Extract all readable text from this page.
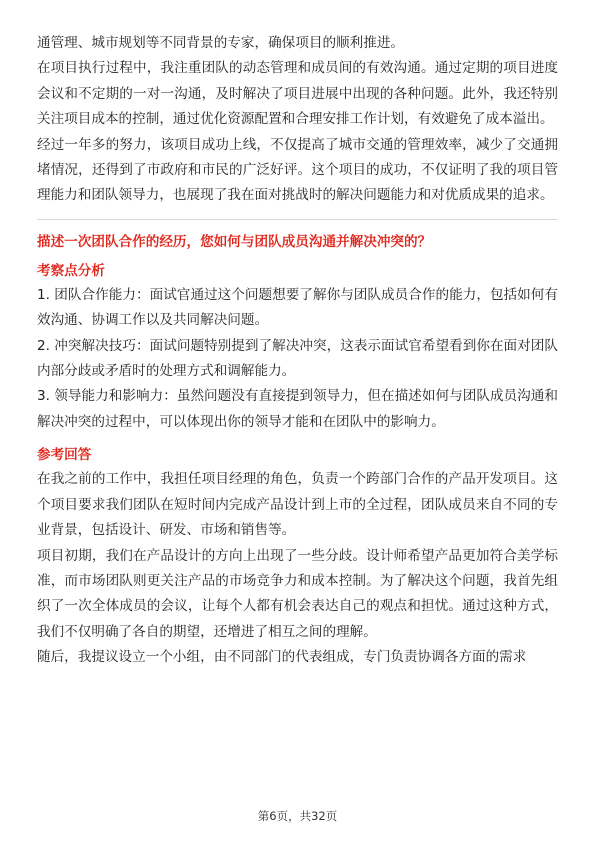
通管理、城市规划等不同背景的专家，确保项目的顺利推进。

在项目执行过程中，我注重团队的动态管理和成员间的有效沟通。通过定期的项目进度会议和不定期的一对一沟通，及时解决了项目进展中出现的各种问题。此外，我还特别关注项目成本的控制，通过优化资源配置和合理安排工作计划，有效避免了成本溢出。

经过一年多的努力，该项目成功上线，不仅提高了城市交通的管理效率，减少了交通拥堵情况，还得到了市政府和市民的广泛好评。这个项目的成功，不仅证明了我的项目管理能力和团队领导力，也展现了我在面对挑战时的解决问题能力和对优质成果的追求。

描述一次团队合作的经历，您如何与团队成员沟通并解决冲突的？
考察点分析

1. 团队合作能力：面试官通过这个问题想要了解你与团队成员合作的能力，包括如何有效沟通、协调工作以及共同解决问题。

2. 冲突解决技巧：面试问题特别提到了解决冲突，这表示面试官希望看到你在面对团队内部分歧或矛盾时的处理方式和调解能力。

3. 领导能力和影响力：虽然问题没有直接提到领导力，但在描述如何与团队成员沟通和解决冲突的过程中，可以体现出你的领导才能和在团队中的影响力。

参考回答

在我之前的工作中，我担任项目经理的角色，负责一个跨部门合作的产品开发项目。这个项目要求我们团队在短时间内完成产品设计到上市的全过程，团队成员来自不同的专业背景，包括设计、研发、市场和销售等。

项目初期，我们在产品设计的方向上出现了一些分歧。设计师希望产品更加符合美学标准，而市场团队则更关注产品的市场竞争力和成本控制。为了解决这个问题，我首先组织了一次全体成员的会议，让每个人都有机会表达自己的观点和担忧。通过这种方式，我们不仅明确了各自的期望，还增进了相互之间的理解。

随后，我提议设立一个小组，由不同部门的代表组成，专门负责协调各方面的需求

第6页，共32页
